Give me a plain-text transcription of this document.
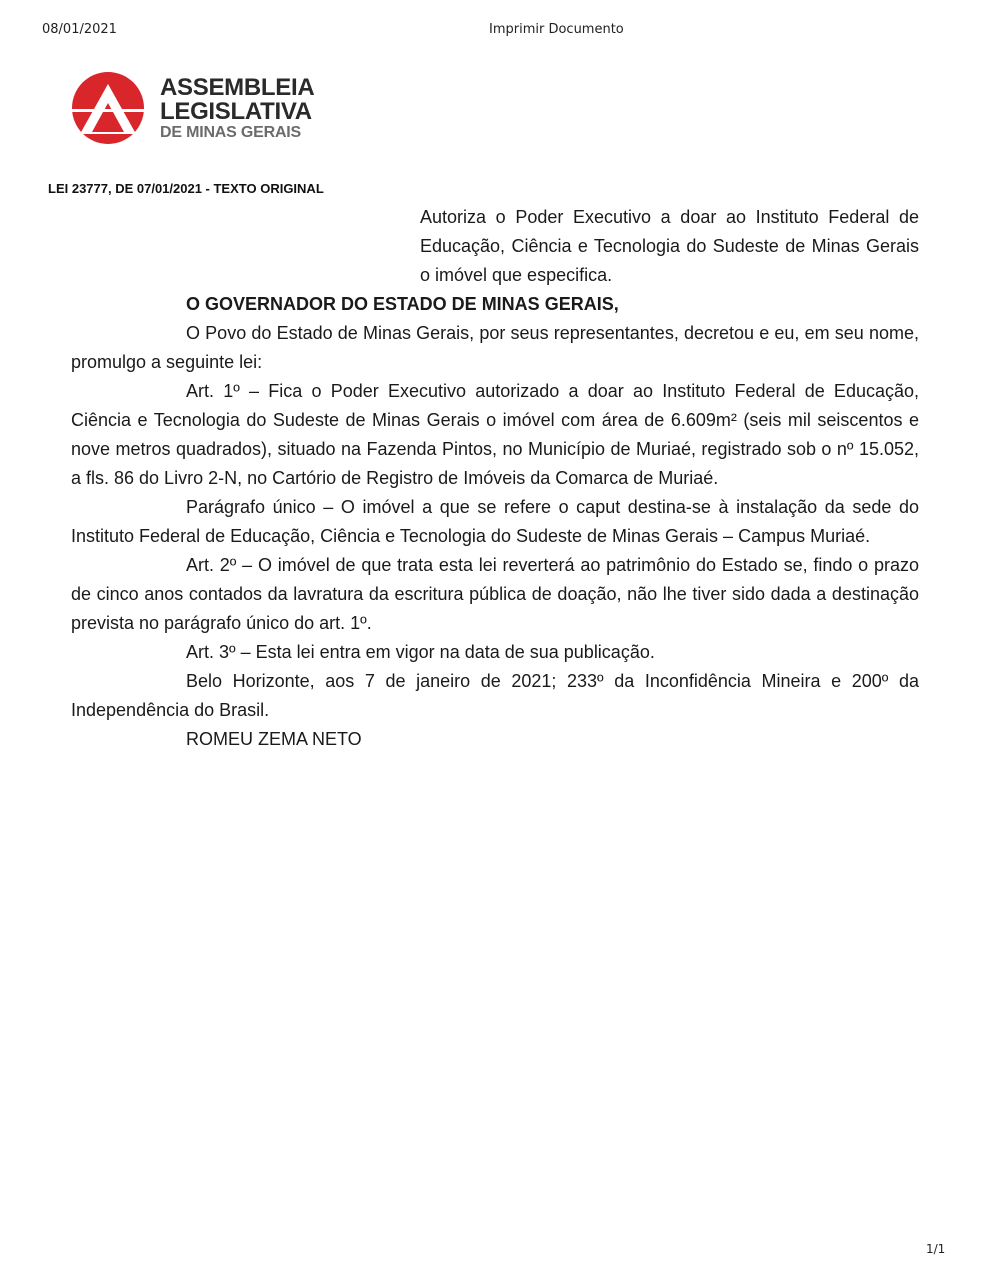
08/01/2021	Imprimir Documento
ASSEMBLEIA
LEGISLATIVA
DE MINAS GERAIS
LEI 23777, DE 07/01/2021 - TEXTO ORIGINAL
Autoriza o Poder Executivo a doar ao Instituto Federal de Educação, Ciência e Tecnologia do Sudeste de Minas Gerais o imóvel que especifica.

O GOVERNADOR DO ESTADO DE MINAS GERAIS,

O Povo do Estado de Minas Gerais, por seus representantes, decretou e eu, em seu nome, promulgo a seguinte lei:

Art. 1º – Fica o Poder Executivo autorizado a doar ao Instituto Federal de Educação, Ciência e Tecnologia do Sudeste de Minas Gerais o imóvel com área de 6.609m² (seis mil seiscentos e nove metros quadrados), situado na Fazenda Pintos, no Município de Muriaé, registrado sob o nº 15.052, a fls. 86 do Livro 2-N, no Cartório de Registro de Imóveis da Comarca de Muriaé.

Parágrafo único – O imóvel a que se refere o caput destina-se à instalação da sede do Instituto Federal de Educação, Ciência e Tecnologia do Sudeste de Minas Gerais – Campus Muriaé.

Art. 2º – O imóvel de que trata esta lei reverterá ao patrimônio do Estado se, findo o prazo de cinco anos contados da lavratura da escritura pública de doação, não lhe tiver sido dada a destinação prevista no parágrafo único do art. 1º.

Art. 3º – Esta lei entra em vigor na data de sua publicação.

Belo Horizonte, aos 7 de janeiro de 2021; 233º da Inconfidência Mineira e 200º da Independência do Brasil.

ROMEU ZEMA NETO

1/1
